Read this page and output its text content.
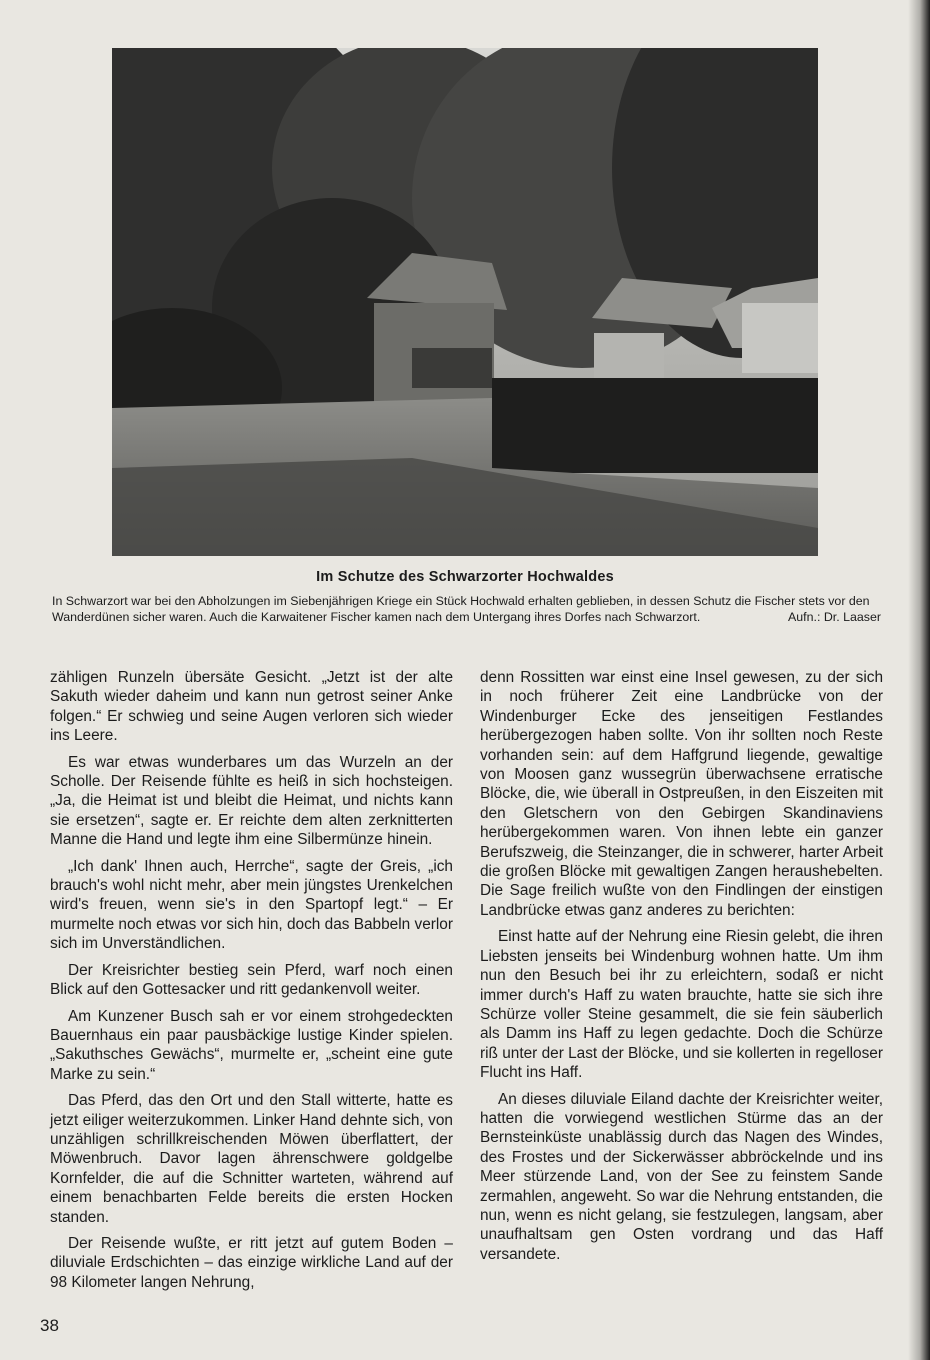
Im Schutze des Schwarzorter Hochwaldes

In Schwarzort war bei den Abholzungen im Siebenjährigen Kriege ein Stück Hochwald erhalten geblieben, in dessen Schutz die Fischer stets vor den Wanderdünen sicher waren. Auch die Karwaitener Fischer kamen nach dem Untergang ihres Dorfes nach Schwarzort.	Aufn.: Dr. Laaser

zähligen Runzeln übersäte Gesicht. „Jetzt ist der alte Sakuth wieder daheim und kann nun getrost seiner Anke folgen.“ Er schwieg und seine Augen verloren sich wieder ins Leere.

Es war etwas wunderbares um das Wurzeln an der Scholle. Der Reisende fühlte es heiß in sich hochsteigen. „Ja, die Heimat ist und bleibt die Heimat, und nichts kann sie ersetzen“, sagte er. Er reichte dem alten zerknitterten Manne die Hand und legte ihm eine Silbermünze hinein.

„Ich dank' Ihnen auch, Herrche“, sagte der Greis, „ich brauch's wohl nicht mehr, aber mein jüngstes Urenkelchen wird's freuen, wenn sie's in den Spartopf legt.“ – Er murmelte noch etwas vor sich hin, doch das Babbeln verlor sich im Unverständlichen.

Der Kreisrichter bestieg sein Pferd, warf noch einen Blick auf den Gottesacker und ritt gedankenvoll weiter.

Am Kunzener Busch sah er vor einem strohgedeckten Bauernhaus ein paar pausbäckige lustige Kinder spielen. „Sakuthsches Gewächs“, murmelte er, „scheint eine gute Marke zu sein.“

Das Pferd, das den Ort und den Stall witterte, hatte es jetzt eiliger weiterzukommen. Linker Hand dehnte sich, von unzähligen schrillkreischenden Möwen überflattert, der Möwenbruch. Davor lagen ährenschwere goldgelbe Kornfelder, die auf die Schnitter warteten, während auf einem benachbarten Felde bereits die ersten Hocken standen.

Der Reisende wußte, er ritt jetzt auf gutem Boden – diluviale Erdschichten – das einzige wirkliche Land auf der 98 Kilometer langen Nehrung,

denn Rossitten war einst eine Insel gewesen, zu der sich in noch früherer Zeit eine Landbrücke von der Windenburger Ecke des jenseitigen Festlandes herübergezogen haben sollte. Von ihr sollten noch Reste vorhanden sein: auf dem Haffgrund liegende, gewaltige von Moosen ganz wussegrün überwachsene erratische Blöcke, die, wie überall in Ostpreußen, in den Eiszeiten mit den Gletschern von den Gebirgen Skandinaviens herübergekommen waren. Von ihnen lebte ein ganzer Berufszweig, die Steinzanger, die in schwerer, harter Arbeit die großen Blöcke mit gewaltigen Zangen heraushebelten. Die Sage freilich wußte von den Findlingen der einstigen Landbrücke etwas ganz anderes zu berichten:

Einst hatte auf der Nehrung eine Riesin gelebt, die ihren Liebsten jenseits bei Windenburg wohnen hatte. Um ihm nun den Besuch bei ihr zu erleichtern, sodaß er nicht immer durch's Haff zu waten brauchte, hatte sie sich ihre Schürze voller Steine gesammelt, die sie fein säuberlich als Damm ins Haff zu legen gedachte. Doch die Schürze riß unter der Last der Blöcke, und sie kollerten in regelloser Flucht ins Haff.

An dieses diluviale Eiland dachte der Kreisrichter weiter, hatten die vorwiegend westlichen Stürme das an der Bernsteinküste unablässig durch das Nagen des Windes, des Frostes und der Sickerwässer abbröckelnde und ins Meer stürzende Land, von der See zu feinstem Sande zermahlen, angeweht. So war die Nehrung entstanden, die nun, wenn es nicht gelang, sie festzulegen, langsam, aber unaufhaltsam gen Osten vordrang und das Haff versandete.

38
